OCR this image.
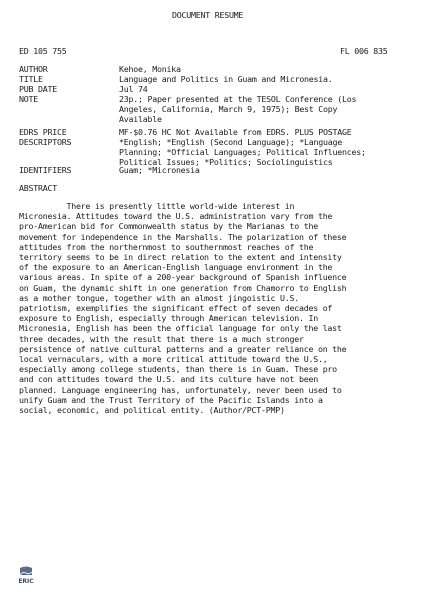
DOCUMENT RESUME
ED 105 755	FL 006 835
AUTHOR	Kehoe, Monika
TITLE	Language and Politics in Guam and Micronesia.
PUB DATE	Jul 74
NOTE	23p.; Paper presented at the TESOL Conference (Los
Angeles, California, March 9, 1975); Best Copy
Available
EDRS PRICE	MF-$0.76 HC Not Available from EDRS. PLUS POSTAGE
DESCRIPTORS	*English; *English (Second Language); *Language
Planning; *Official Languages; Political Influences;
Political Issues; *Politics; Sociolinguistics
IDENTIFIERS	Guam; *Micronesia
ABSTRACT
There is presently little world-wide interest in
Micronesia. Attitudes toward the U.S. administration vary from the
pro-American bid for Commonwealth status by the Marianas to the
movement for independence in the Marshalls. The polarization of these
attitudes from the northernmost to southernmost reaches of the
territory seems to be in direct relation to the extent and intensity
of the exposure to an American-English language environment in the
various areas. In spite of a 200-year background of Spanish influence
on Guam, the dynamic shift in one generation from Chamorro to English
as a mother tongue, together with an almost jingoistic U.S.
patriotism, exemplifies the significant effect of seven decades of
exposure to English, especially through American television. In
Micronesia, English has been the official language for only the last
three decades, with the result that there is a much stronger
persistence of native cultural patterns and a greater reliance on the
local vernaculars, with a more critical attitude toward the U.S.,
especially among college students, than there is in Guam. These pro
and con attitudes toward the U.S. and its culture have not been
planned. Language engineering has, unfortunately, never been used to
unify Guam and the Trust Territory of the Pacific Islands into a
social, economic, and political entity. (Author/PCT-PMP)
ERIC
